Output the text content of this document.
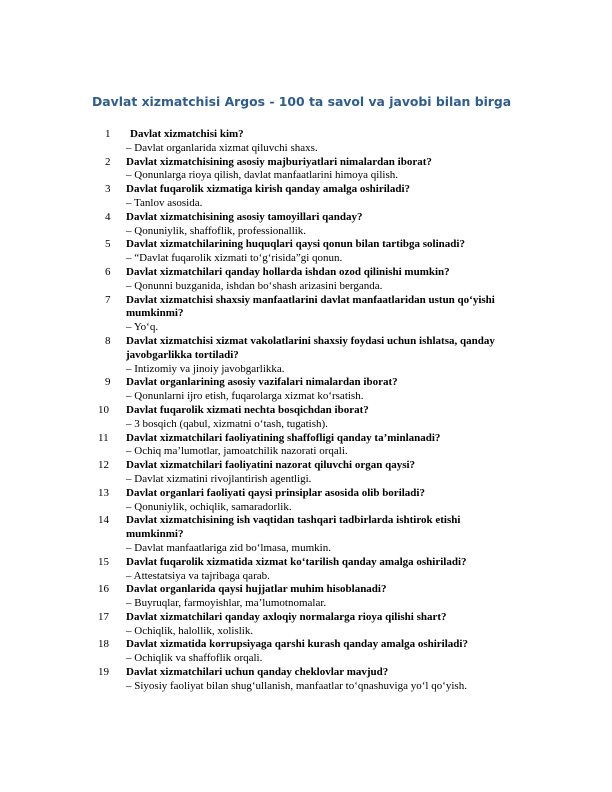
Davlat xizmatchisi Argos - 100 ta savol va javobi bilan birga
1	Davlat xizmatchisi kim?
– Davlat organlarida xizmat qiluvchi shaxs.
2	Davlat xizmatchisining asosiy majburiyatlari nimalardan iborat?
– Qonunlarga rioya qilish, davlat manfaatlarini himoya qilish.
3	Davlat fuqarolik xizmatiga kirish qanday amalga oshiriladi?
– Tanlov asosida.
4	Davlat xizmatchisining asosiy tamoyillari qanday?
– Qonuniylik, shaffoflik, professionallik.
5	Davlat xizmatchilarining huquqlari qaysi qonun bilan tartibga solinadi?
– “Davlat fuqarolik xizmati to‘g‘risida”gi qonun.
6	Davlat xizmatchilari qanday hollarda ishdan ozod qilinishi mumkin?
– Qonunni buzganida, ishdan bo‘shash arizasini berganda.
7	Davlat xizmatchisi shaxsiy manfaatlarini davlat manfaatlaridan ustun qo‘yishi mumkinmi?
– Yo‘q.
8	Davlat xizmatchisi xizmat vakolatlarini shaxsiy foydasi uchun ishlatsa, qanday javobgarlikka tortiladi?
– Intizomiy va jinoiy javobgarlikka.
9	Davlat organlarining asosiy vazifalari nimalardan iborat?
– Qonunlarni ijro etish, fuqarolarga xizmat ko‘rsatish.
10	Davlat fuqarolik xizmati nechta bosqichdan iborat?
– 3 bosqich (qabul, xizmatni o‘tash, tugatish).
11	Davlat xizmatchilari faoliyatining shaffofligi qanday ta’minlanadi?
– Ochiq ma’lumotlar, jamoatchilik nazorati orqali.
12	Davlat xizmatchilari faoliyatini nazorat qiluvchi organ qaysi?
– Davlat xizmatini rivojlantirish agentligi.
13	Davlat organlari faoliyati qaysi prinsiplar asosida olib boriladi?
– Qonuniylik, ochiqlik, samaradorlik.
14	Davlat xizmatchisining ish vaqtidan tashqari tadbirlarda ishtirok etishi mumkinmi?
– Davlat manfaatlariga zid bo‘lmasa, mumkin.
15	Davlat fuqarolik xizmatida xizmat ko‘tarilish qanday amalga oshiriladi?
– Attestatsiya va tajribaga qarab.
16	Davlat organlarida qaysi hujjatlar muhim hisoblanadi?
– Buyruqlar, farmoyishlar, ma’lumotnomalar.
17	Davlat xizmatchilari qanday axloqiy normalarga rioya qilishi shart?
– Ochiqlik, halollik, xolislik.
18	Davlat xizmatida korrupsiyaga qarshi kurash qanday amalga oshiriladi?
– Ochiqlik va shaffoflik orqali.
19	Davlat xizmatchilari uchun qanday cheklovlar mavjud?
– Siyosiy faoliyat bilan shug‘ullanish, manfaatlar to‘qnashuviga yo‘l qo‘yish.
